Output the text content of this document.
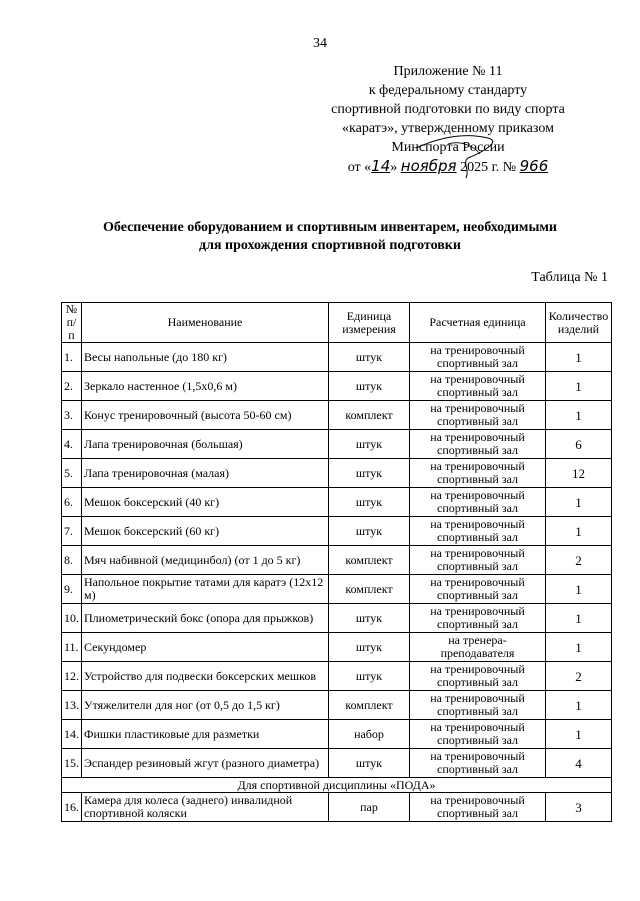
34
Приложение № 11
к федеральному стандарту
спортивной подготовки по виду спорта
«каратэ», утвержденному приказом
Минспорта России
от «14» ноября 2025 г. № 966
Обеспечение оборудованием и спортивным инвентарем, необходимыми
для прохождения спортивной подготовки
Таблица № 1
№ п/п	Наименование	Единица измерения	Расчетная единица	Количество изделий
1.	Весы напольные (до 180 кг)	штук	на тренировочный спортивный зал	1
2.	Зеркало настенное (1,5х0,6 м)	штук	на тренировочный спортивный зал	1
3.	Конус тренировочный (высота 50-60 см)	комплект	на тренировочный спортивный зал	1
4.	Лапа тренировочная (большая)	штук	на тренировочный спортивный зал	6
5.	Лапа тренировочная (малая)	штук	на тренировочный спортивный зал	12
6.	Мешок боксерский (40 кг)	штук	на тренировочный спортивный зал	1
7.	Мешок боксерский (60 кг)	штук	на тренировочный спортивный зал	1
8.	Мяч набивной (медицинбол) (от 1 до 5 кг)	комплект	на тренировочный спортивный зал	2
9.	Напольное покрытие татами для каратэ (12х12 м)	комплект	на тренировочный спортивный зал	1
10.	Плиометрический бокс (опора для прыжков)	штук	на тренировочный спортивный зал	1
11.	Секундомер	штук	на тренера-преподавателя	1
12.	Устройство для подвески боксерских мешков	штук	на тренировочный спортивный зал	2
13.	Утяжелители для ног (от 0,5 до 1,5 кг)	комплект	на тренировочный спортивный зал	1
14.	Фишки пластиковые для разметки	набор	на тренировочный спортивный зал	1
15.	Эспандер резиновый жгут (разного диаметра)	штук	на тренировочный спортивный зал	4
Для спортивной дисциплины «ПОДА»				
16.	Камера для колеса (заднего) инвалидной спортивной коляски	пар	на тренировочный спортивный зал	3
